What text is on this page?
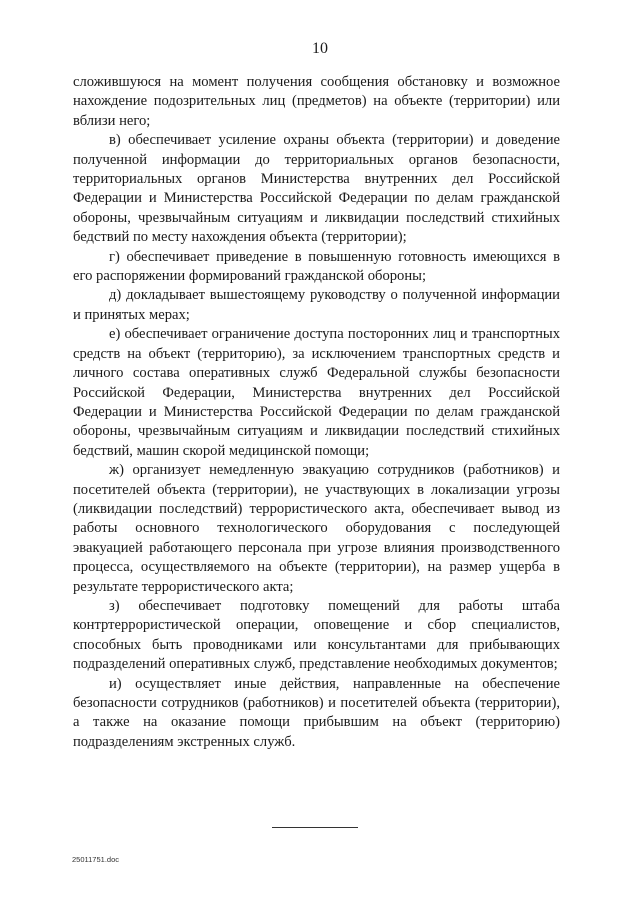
10

сложившуюся на момент получения сообщения обстановку и возможное нахождение подозрительных лиц (предметов) на объекте (территории) или вблизи него;

в) обеспечивает усиление охраны объекта (территории) и доведение полученной информации до территориальных органов безопасности, территориальных органов Министерства внутренних дел Российской Федерации и Министерства Российской Федерации по делам гражданской обороны, чрезвычайным ситуациям и ликвидации последствий стихийных бедствий по месту нахождения объекта (территории);

г) обеспечивает приведение в повышенную готовность имеющихся в его распоряжении формирований гражданской обороны;

д) докладывает вышестоящему руководству о полученной информации и принятых мерах;

е) обеспечивает ограничение доступа посторонних лиц и транспортных средств на объект (территорию), за исключением транспортных средств и личного состава оперативных служб Федеральной службы безопасности Российской Федерации, Министерства внутренних дел Российской Федерации и Министерства Российской Федерации по делам гражданской обороны, чрезвычайным ситуациям и ликвидации последствий стихийных бедствий, машин скорой медицинской помощи;

ж) организует немедленную эвакуацию сотрудников (работников) и посетителей объекта (территории), не участвующих в локализации угрозы (ликвидации последствий) террористического акта, обеспечивает вывод из работы основного технологического оборудования с последующей эвакуацией работающего персонала при угрозе влияния производственного процесса, осуществляемого на объекте (территории), на размер ущерба в результате террористического акта;

з) обеспечивает подготовку помещений для работы штаба контртеррористической операции, оповещение и сбор специалистов, способных быть проводниками или консультантами для прибывающих подразделений оперативных служб, представление необходимых документов;

и) осуществляет иные действия, направленные на обеспечение безопасности сотрудников (работников) и посетителей объекта (территории), а также на оказание помощи прибывшим на объект (территорию) подразделениям экстренных служб.

25011751.doc
